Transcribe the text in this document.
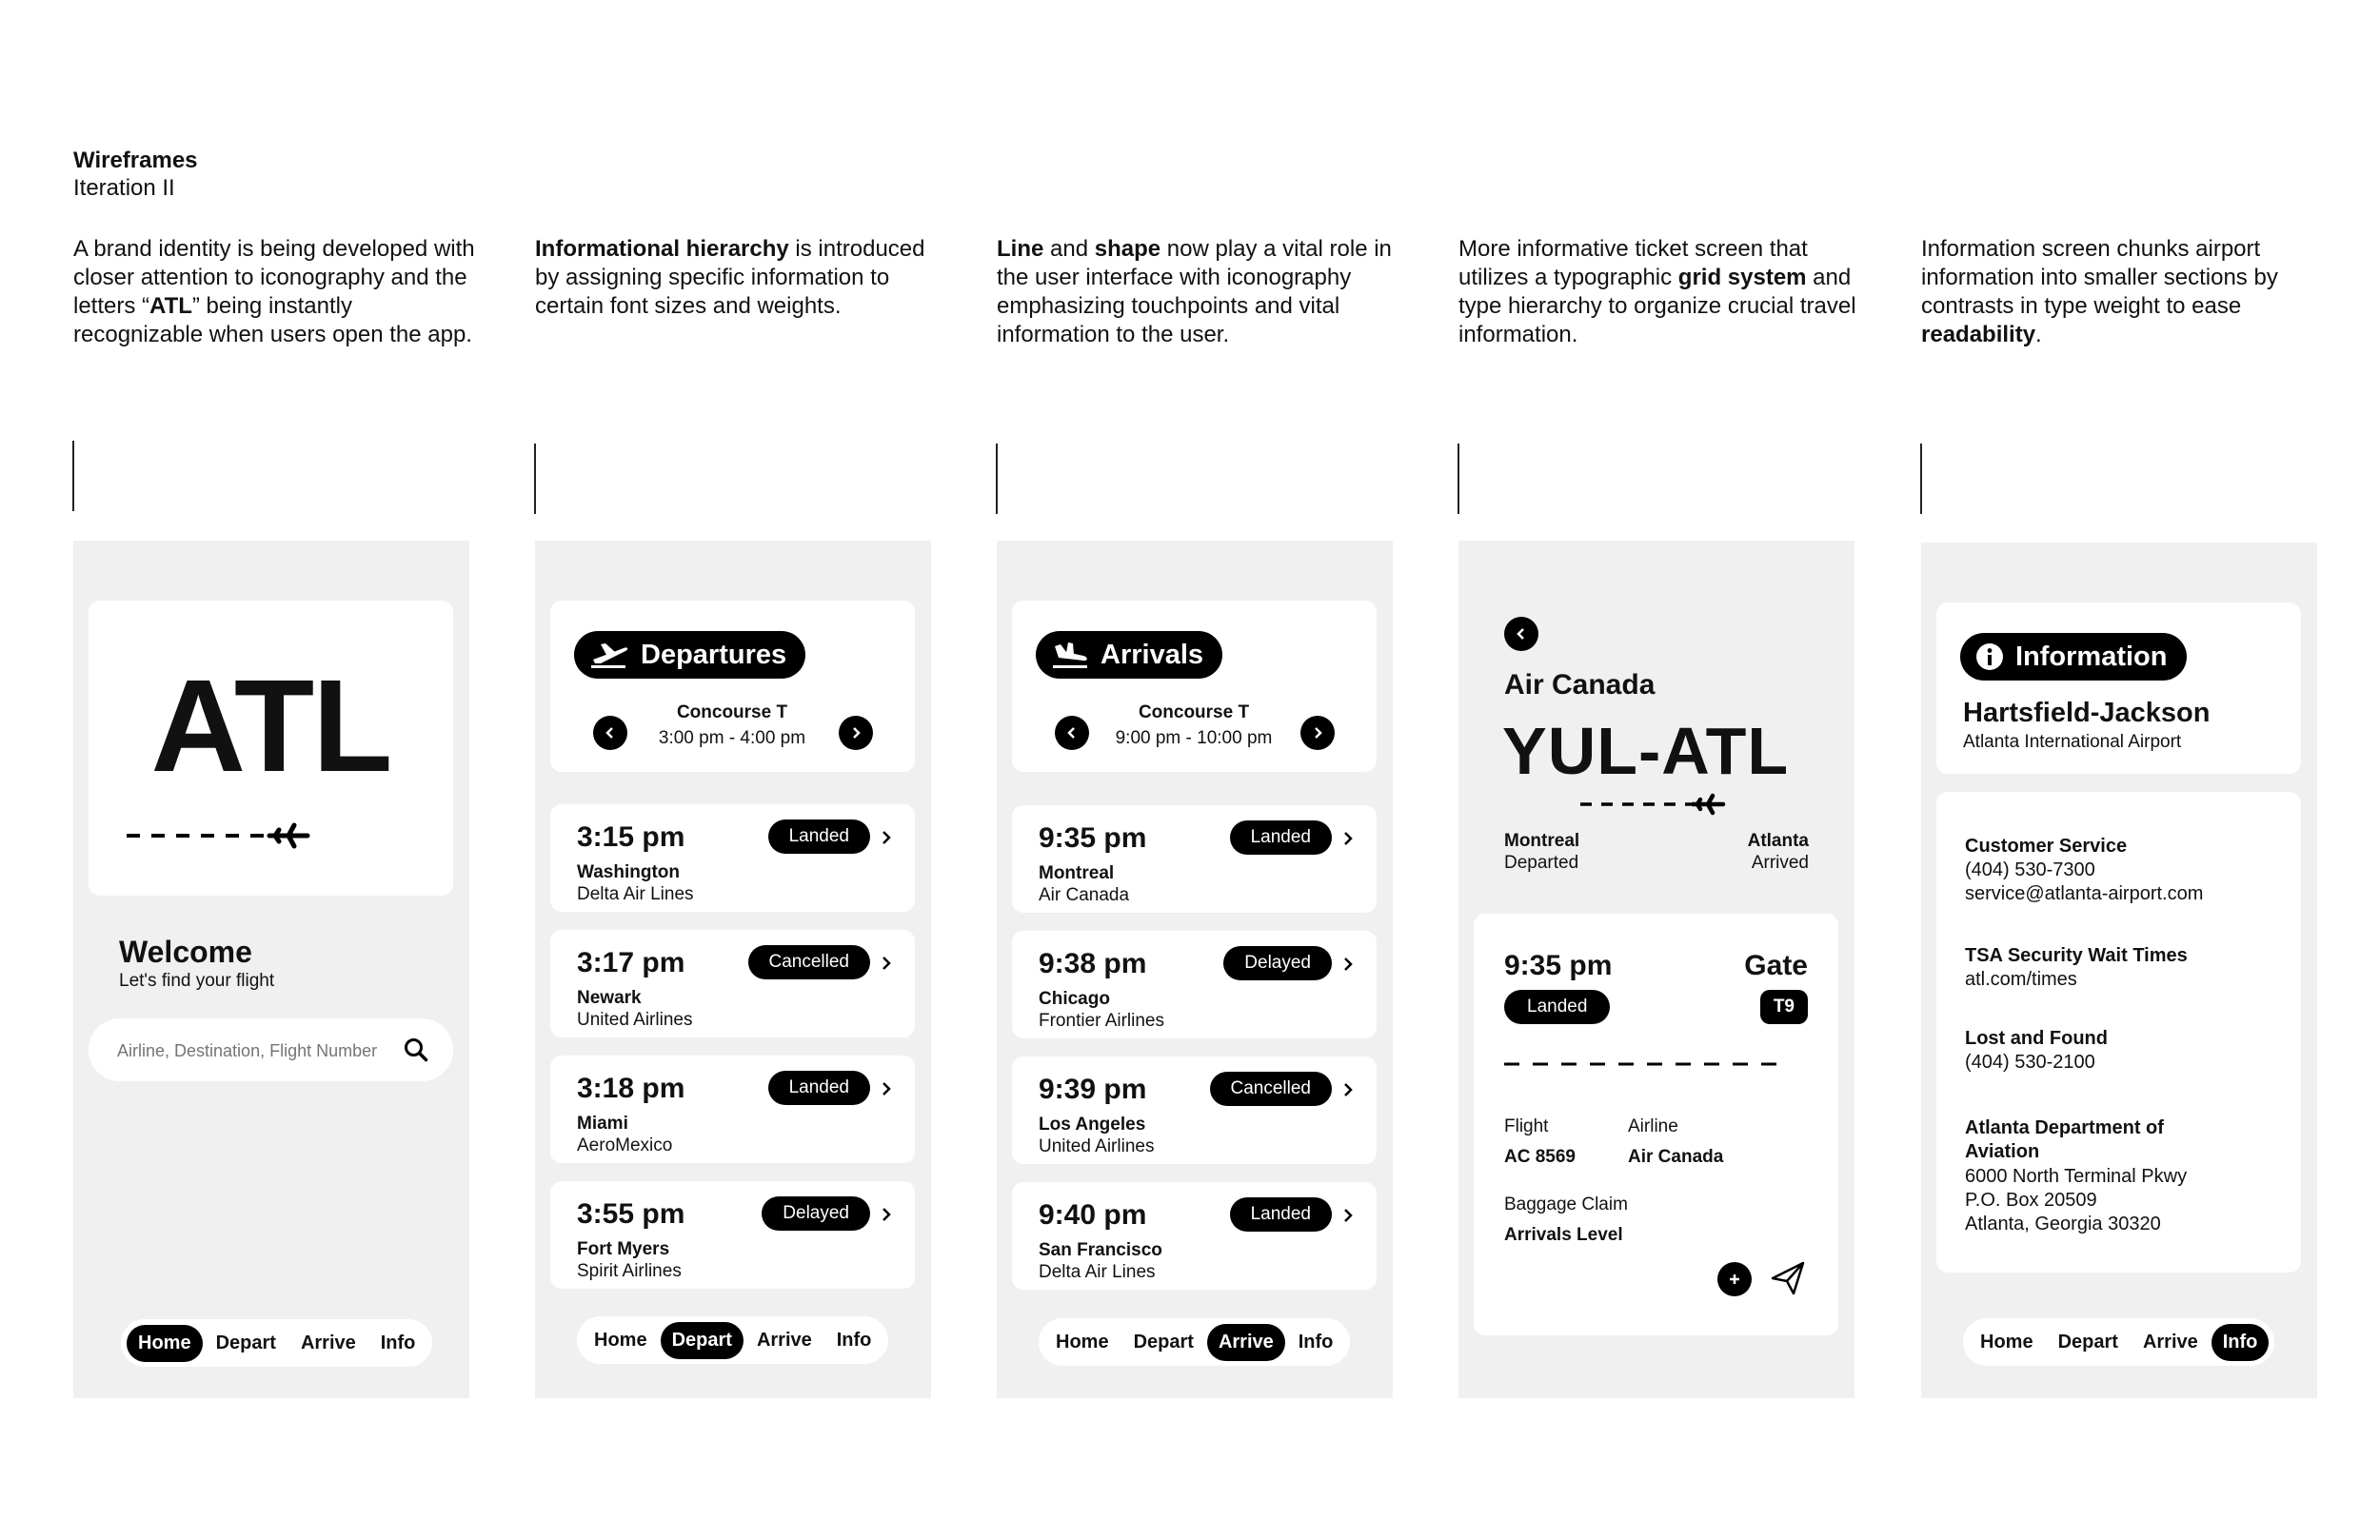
Wireframes
Iteration II
A brand identity is being developed with closer attention to iconography and the letters “ATL” being instantly recognizable when users open the app.
Informational hierarchy is introduced by assigning specific information to certain font sizes and weights.
Line and shape now play a vital role in the user interface with iconography emphasizing touchpoints and vital information to the user.
More informative ticket screen that utilizes a typographic grid system and type hierarchy to organize crucial travel information.
Information screen chunks airport information into smaller sections by contrasts in type weight to ease readability.
ATL
Welcome
Let's find your flight
Airline, Destination, Flight Number
Home	Depart	Arrive	Info
Departures
Concourse T
3:00 pm - 4:00 pm
3:15 pm
Washington
Delta Air Lines
Landed
3:17 pm
Newark
United Airlines
Cancelled
3:18 pm
Miami
AeroMexico
Landed
3:55 pm
Fort Myers
Spirit Airlines
Delayed
Home	Depart	Arrive	Info
Arrivals
Concourse T
9:00 pm - 10:00 pm
9:35 pm
Montreal
Air Canada
Landed
9:38 pm
Chicago
Frontier Airlines
Delayed
9:39 pm
Los Angeles
United Airlines
Cancelled
9:40 pm
San Francisco
Delta Air Lines
Landed
Home	Depart	Arrive	Info
Air Canada
YUL-ATL
Montreal
Departed
Atlanta
Arrived
9:35 pm	Gate
Landed	T9
Flight
AC 8569
Airline
Air Canada
Baggage Claim
Arrivals Level
Information
Hartsfield-Jackson
Atlanta International Airport
Customer Service
(404) 530-7300
service@atlanta-airport.com
TSA Security Wait Times
atl.com/times
Lost and Found
(404) 530-2100
Atlanta Department of
Aviation
6000 North Terminal Pkwy
P.O. Box 20509
Atlanta, Georgia 30320
Home	Depart	Arrive	Info
